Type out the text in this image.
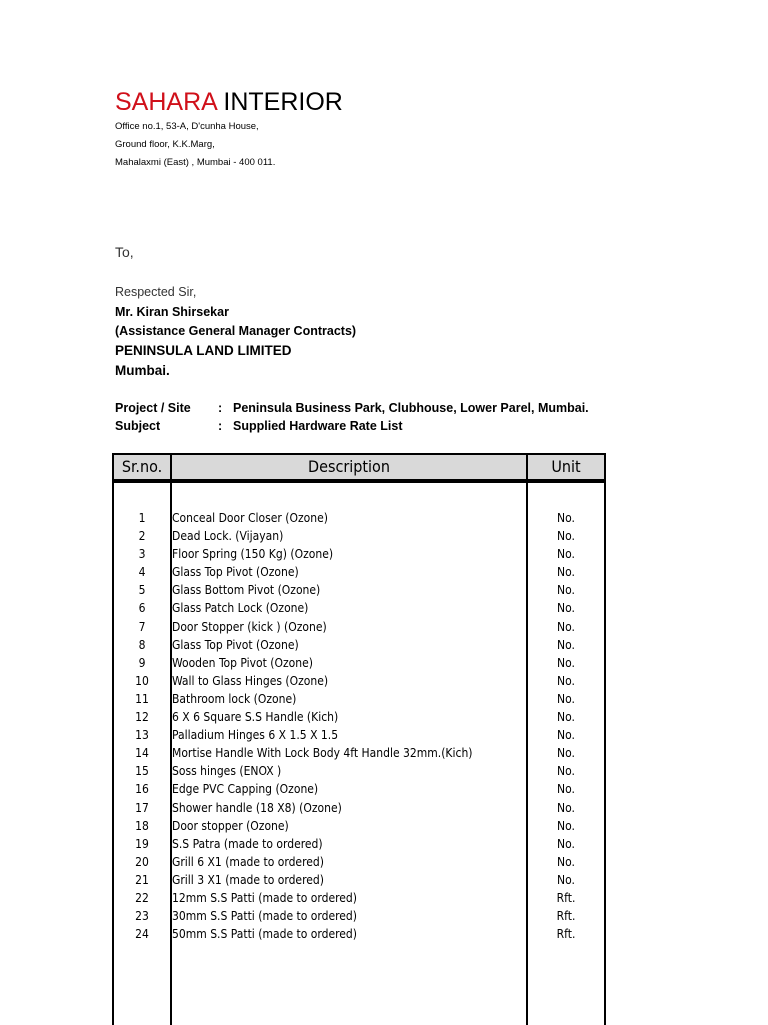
SAHARA INTERIOR
Office no.1, 53-A, D'cunha House,
Ground floor, K.K.Marg,
Mahalaxmi (East) , Mumbai - 400 011.
To,
Respected Sir,
Mr. Kiran Shirsekar
(Assistance General Manager Contracts)
PENINSULA LAND LIMITED
Mumbai.
Project / Site : Peninsula Business Park, Clubhouse, Lower Parel, Mumbai.
Subject	: Supplied Hardware Rate List
Sr.no.	Description	Unit
1	Conceal Door Closer (Ozone)	No.
2	Dead Lock. (Vijayan)	No.
3	Floor Spring (150 Kg) (Ozone)	No.
4	Glass Top Pivot (Ozone)	No.
5	Glass Bottom Pivot (Ozone)	No.
6	Glass Patch Lock (Ozone)	No.
7	Door Stopper (kick ) (Ozone)	No.
8	Glass Top Pivot (Ozone)	No.
9	Wooden Top Pivot (Ozone)	No.
10	Wall to Glass Hinges (Ozone)	No.
11	Bathroom lock (Ozone)	No.
12	6 X 6 Square S.S Handle (Kich)	No.
13	Palladium Hinges 6 X 1.5 X 1.5	No.
14	Mortise Handle With Lock Body 4ft Handle 32mm.(Kich)	No.
15	Soss hinges (ENOX )	No.
16	Edge PVC Capping (Ozone)	No.
17	Shower handle (18 X8) (Ozone)	No.
18	Door stopper (Ozone)	No.
19	S.S Patra (made to ordered)	No.
20	Grill 6 X1 (made to ordered)	No.
21	Grill 3 X1 (made to ordered)	No.
22	12mm S.S Patti (made to ordered)	Rft.
23	30mm S.S Patti (made to ordered)	Rft.
24	50mm S.S Patti (made to ordered)	Rft.
